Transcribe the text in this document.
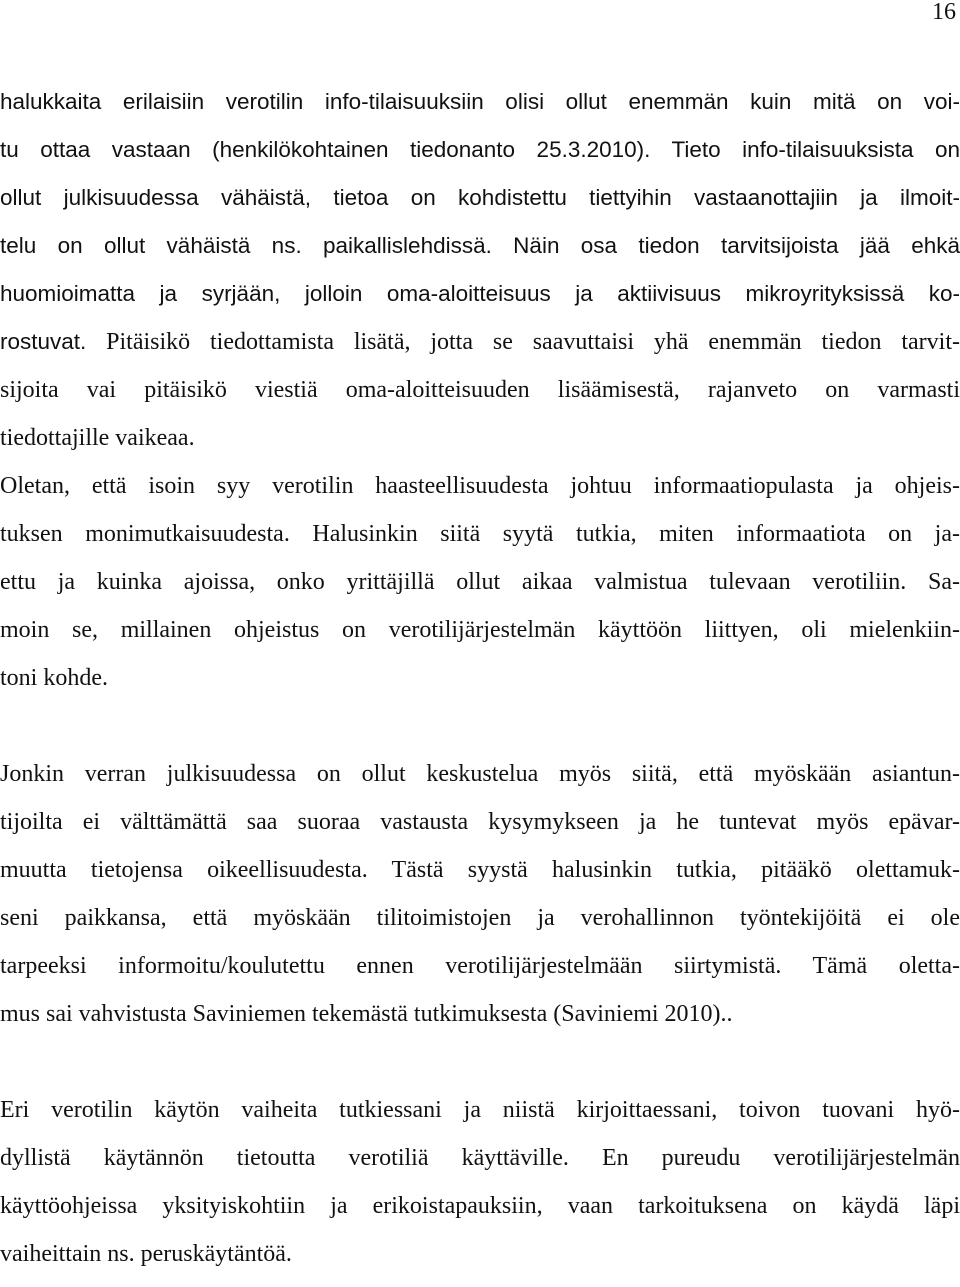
16
halukkaita erilaisiin verotilin info-tilaisuuksiin olisi ollut enemmän kuin mitä on voi-
tu ottaa vastaan (henkilökohtainen tiedonanto 25.3.2010). Tieto info-tilaisuuksista on
ollut julkisuudessa vähäistä, tietoa on kohdistettu tiettyihin vastaanottajiin ja ilmoit-
telu on ollut vähäistä ns. paikallislehdissä. Näin osa tiedon tarvitsijoista jää ehkä
huomioimatta ja syrjään, jolloin oma-aloitteisuus ja aktiivisuus mikroyrityksissä ko-
rostuvat. Pitäisikö tiedottamista lisätä, jotta se saavuttaisi yhä enemmän tiedon tarvit-
sijoita vai pitäisikö viestiä oma-aloitteisuuden lisäämisestä, rajanveto on varmasti
tiedottajille vaikeaa.
Oletan, että isoin syy verotilin haasteellisuudesta johtuu informaatiopulasta ja ohjeis-
tuksen monimutkaisuudesta. Halusinkin siitä syytä tutkia, miten informaatiota on ja-
ettu ja kuinka ajoissa, onko yrittäjillä ollut aikaa valmistua tulevaan verotiliin. Sa-
moin se, millainen ohjeistus on verotilijärjestelmän käyttöön liittyen, oli mielenkiin-
toni kohde.
Jonkin verran julkisuudessa on ollut keskustelua myös siitä, että myöskään asiantun-
tijoilta ei välttämättä saa suoraa vastausta kysymykseen ja he tuntevat myös epävar-
muutta tietojensa oikeellisuudesta. Tästä syystä halusinkin tutkia, pitääkö olettamuk-
seni paikkansa, että myöskään tilitoimistojen ja verohallinnon työntekijöitä ei ole
tarpeeksi informoitu/koulutettu ennen verotilijärjestelmään siirtymistä. Tämä oletta-
mus sai vahvistusta Saviniemen tekemästä tutkimuksesta (Saviniemi 2010)..
Eri verotilin käytön vaiheita tutkiessani ja niistä kirjoittaessani, toivon tuovani hyö-
dyllistä käytännön tietoutta verotiliä käyttäville. En pureudu verotilijärjestelmän
käyttöohjeissa yksityiskohtiin ja erikoistapauksiin, vaan tarkoituksena on käydä läpi
vaiheittain ns. peruskäytäntöä.
